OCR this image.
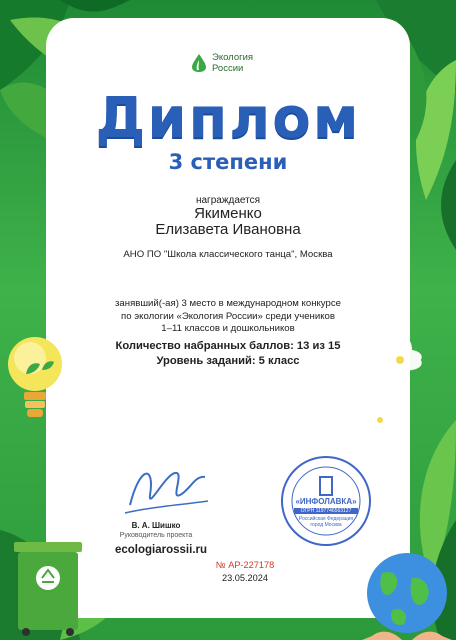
Экология
России
Диплом
3 степени
награждается
Якименко
Елизавета Ивановна
АНО ПО "Школа классического танца", Москва
занявший(-ая) 3 место в международном конкурсе
по экологии «Экология России» среди учеников
1–11 классов и дошкольников
Количество набранных баллов: 13 из 15
Уровень заданий: 5 класс
В. А. Шишко
Руководитель проекта
ecologiarossii.ru
№ АР-227178
23.05.2024
«ИНФОЛАВКА»
ОГРН 1197746563127
Российская Федерация
город Москва
